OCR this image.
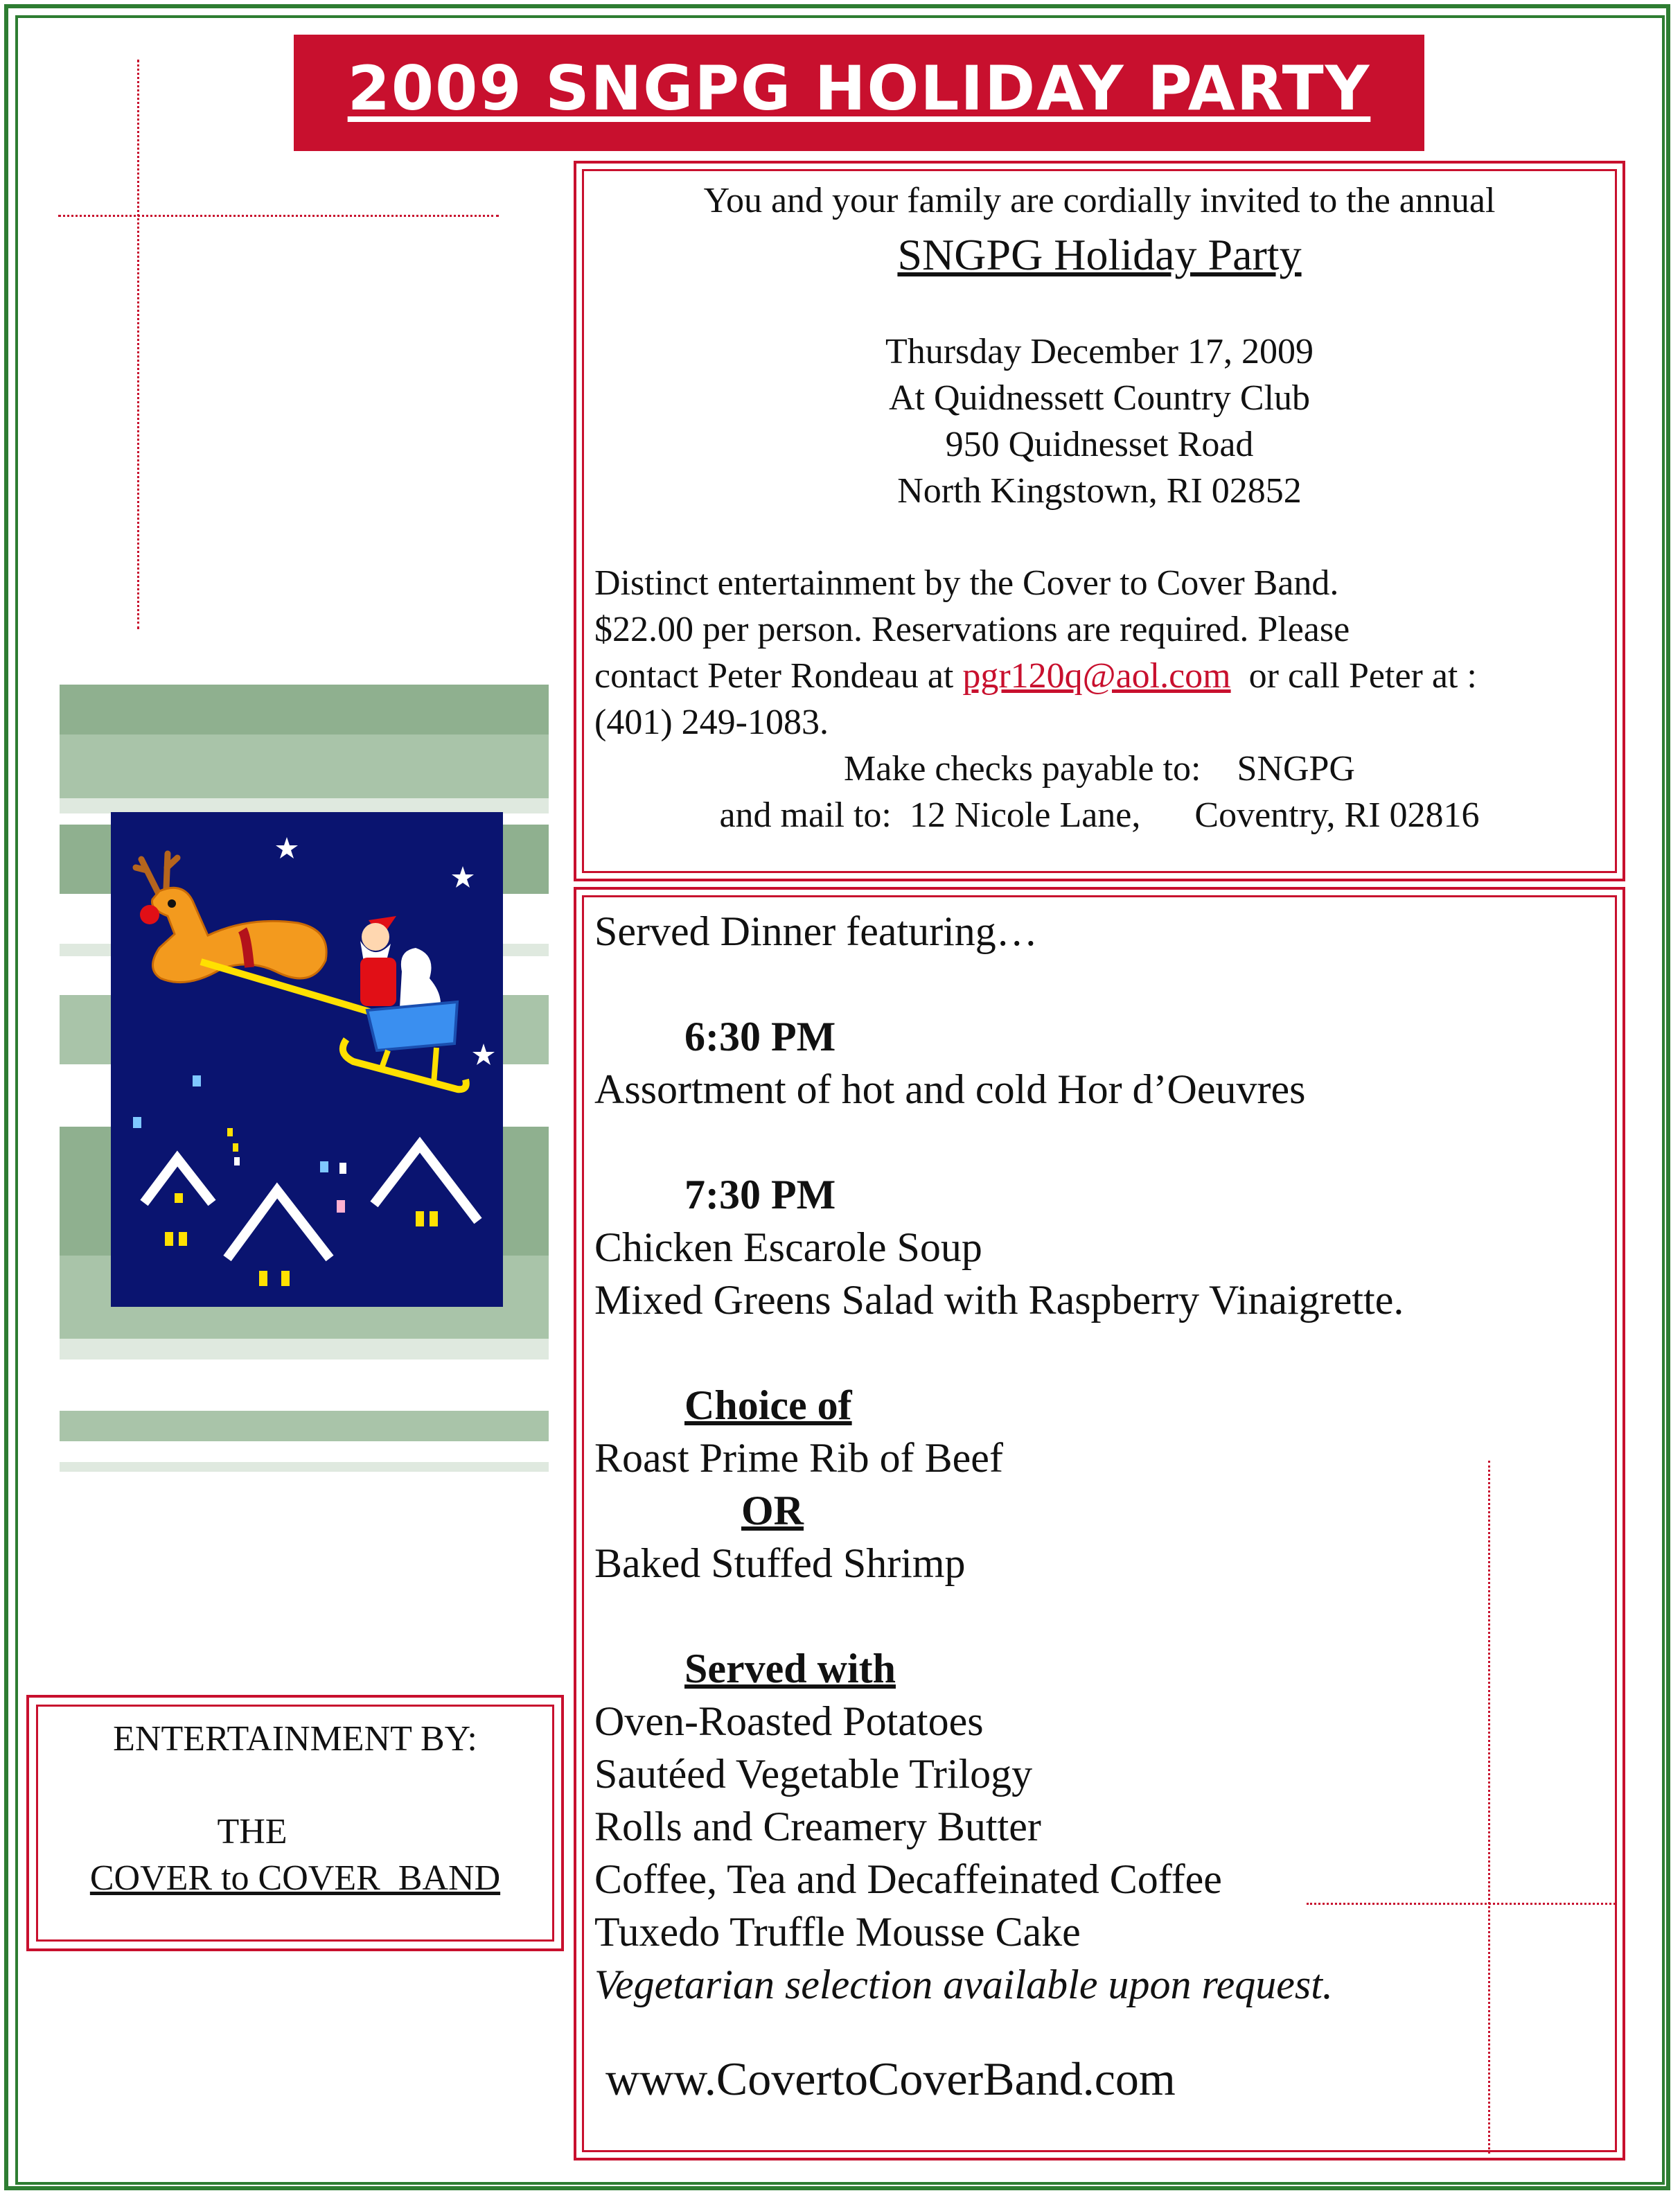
2009 SNGPG HOLIDAY PARTY
You and your family are cordially invited to the annual
SNGPG Holiday Party
Thursday December 17, 2009
At Quidnessett Country Club
950 Quidnesset Road
North Kingstown, RI 02852
Distinct entertainment by the Cover to Cover Band.
$22.00 per person. Reservations are required. Please
contact Peter Rondeau at pgr120q@aol.com  or call Peter at :
(401) 249-1083.
Make checks payable to:    SNGPG
and mail to:  12 Nicole Lane,      Coventry, RI 02816
Served Dinner featuring…
6:30 PM
Assortment of hot and cold Hor d’Oeuvres
7:30 PM
Chicken Escarole Soup
Mixed Greens Salad with Raspberry Vinaigrette.
Choice of
Roast Prime Rib of Beef
OR
Baked Stuffed Shrimp
Served with
Oven-Roasted Potatoes
Sautéed Vegetable Trilogy
Rolls and Creamery Butter
Coffee, Tea and Decaffeinated Coffee
Tuxedo Truffle Mousse Cake
Vegetarian selection available upon request.
www.CovertoCoverBand.com
ENTERTAINMENT BY:
THE
COVER to COVER  BAND
